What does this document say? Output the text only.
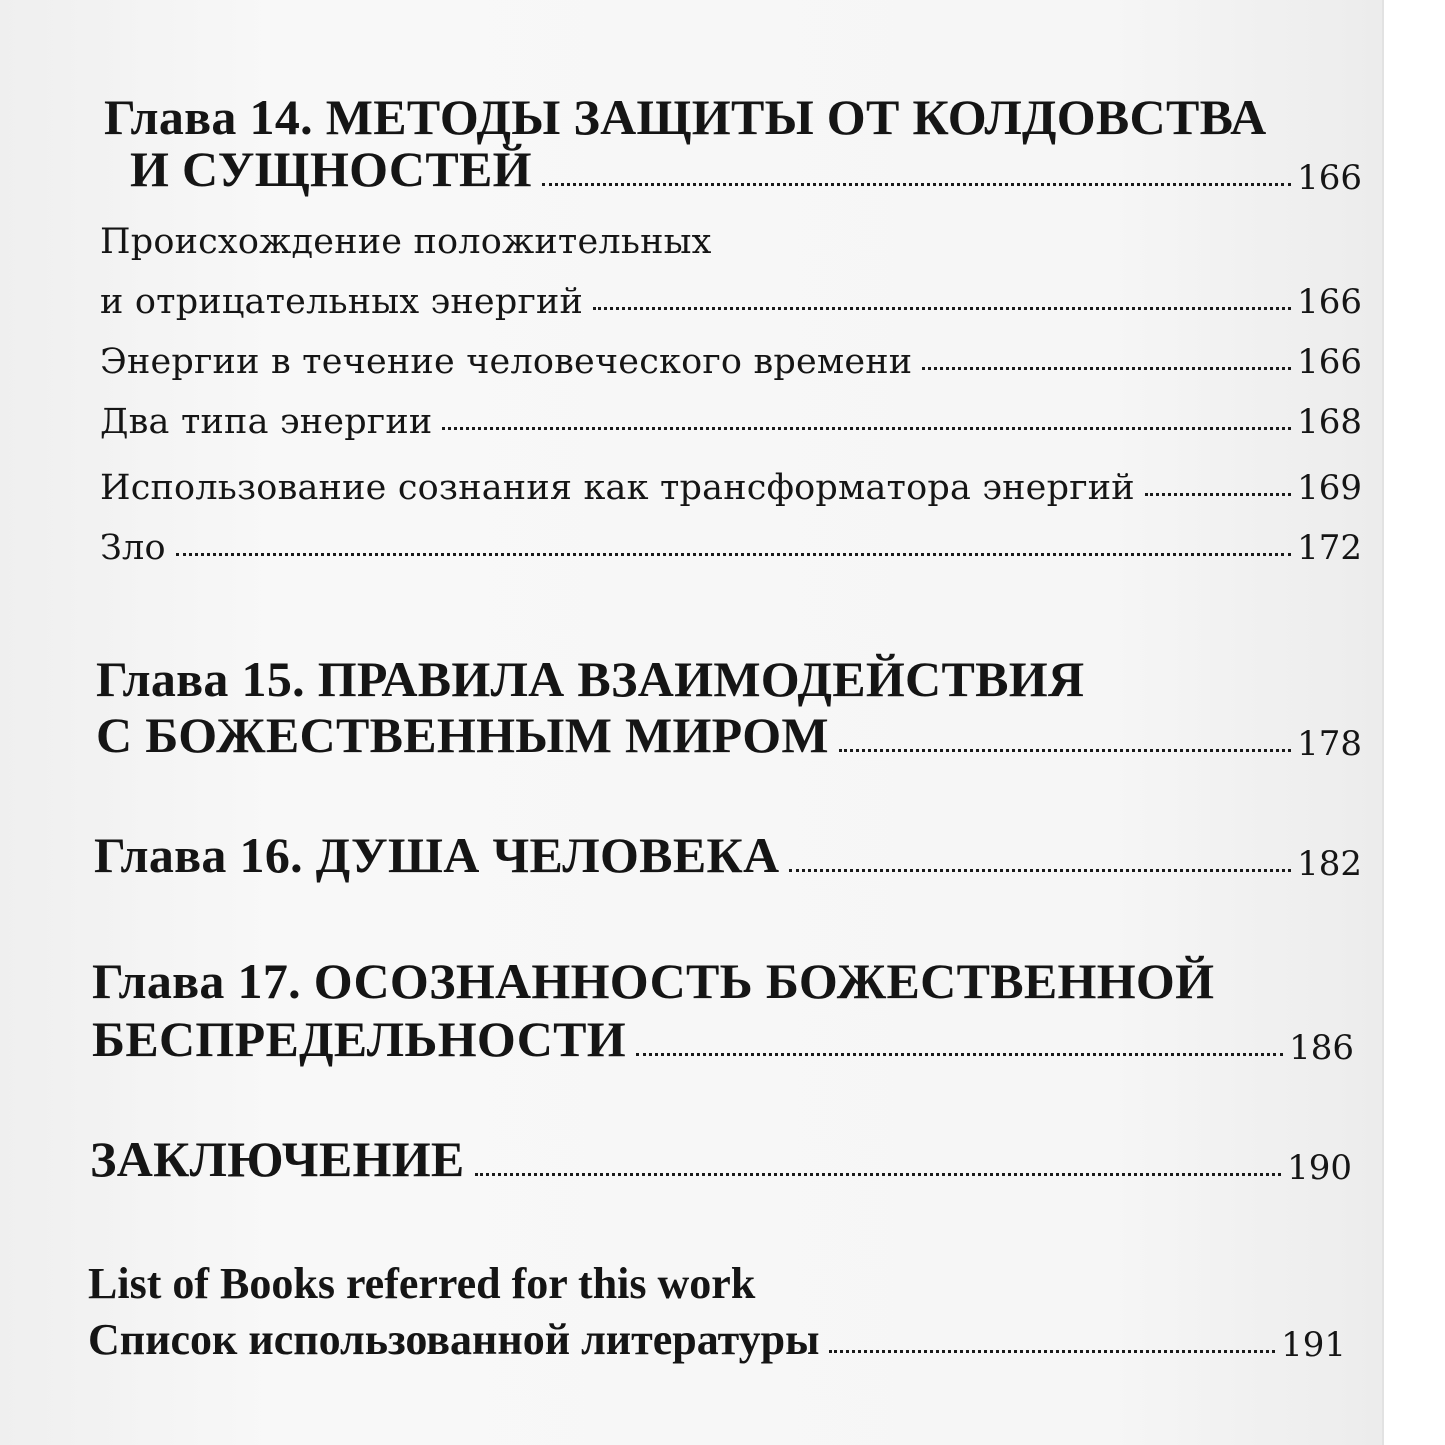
Глава 14. МЕТОДЫ ЗАЩИТЫ ОТ КОЛДОВСТВА
И СУЩНОСТЕЙ	166
Происхождение положительных
и отрицательных энергий	166
Энергии в течение человеческого времени	166
Два типа энергии	168
Использование сознания как трансформатора энергий	169
Зло	172
Глава 15. ПРАВИЛА ВЗАИМОДЕЙСТВИЯ
С БОЖЕСТВЕННЫМ МИРОМ	178
Глава 16. ДУША ЧЕЛОВЕКА	182
Глава 17. ОСОЗНАННОСТЬ БОЖЕСТВЕННОЙ
БЕСПРЕДЕЛЬНОСТИ	186
ЗАКЛЮЧЕНИЕ	190
List of Books referred for this work
Список использованной литературы	191
